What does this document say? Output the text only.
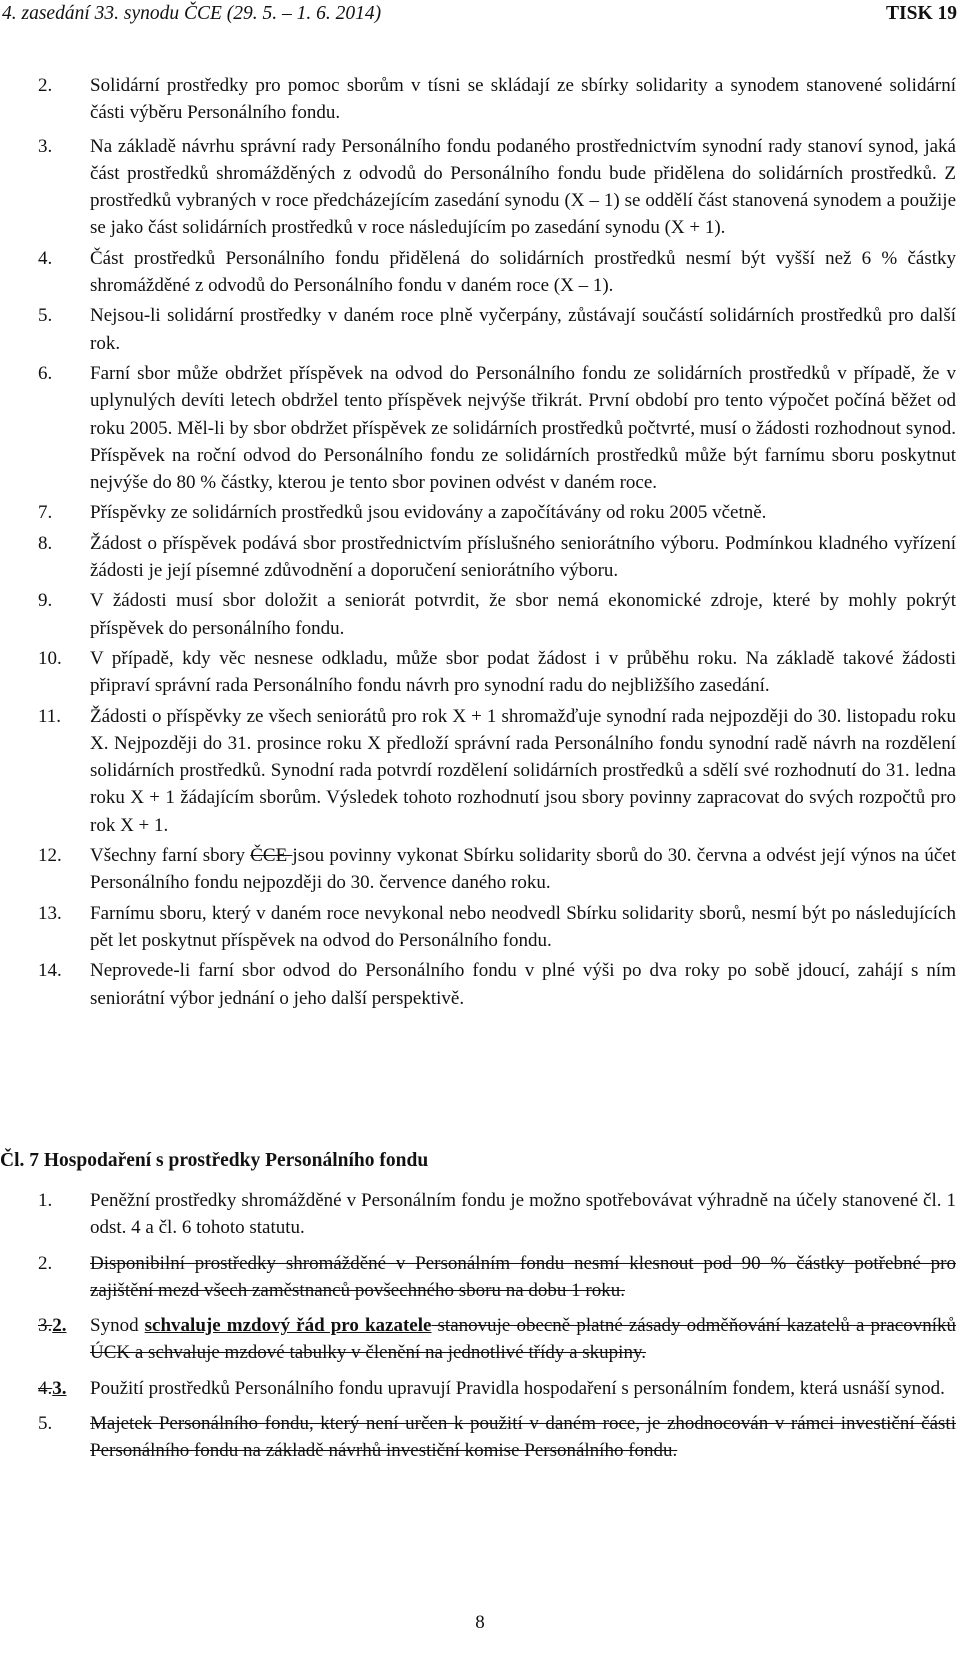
4. zasedání 33. synodu ČCE (29. 5. – 1. 6. 2014)	TISK 19
2. Solidární prostředky pro pomoc sborům v tísni se skládají ze sbírky solidarity a synodem stanovené solidární části výběru Personálního fondu.
3. Na základě návrhu správní rady Personálního fondu podaného prostřednictvím synodní rady stanoví synod, jaká část prostředků shromážděných z odvodů do Personálního fondu bude přidělena do solidárních prostředků. Z prostředků vybraných v roce předcházejícím zasedání synodu (X – 1) se oddělí část stanovená synodem a použije se jako část solidárních prostředků v roce následujícím po zasedání synodu (X + 1).
4. Část prostředků Personálního fondu přidělená do solidárních prostředků nesmí být vyšší než 6 % částky shromážděné z odvodů do Personálního fondu v daném roce (X – 1).
5. Nejsou-li solidární prostředky v daném roce plně vyčerpány, zůstávají součástí solidárních prostředků pro další rok.
6. Farní sbor může obdržet příspěvek na odvod do Personálního fondu ze solidárních prostředků v případě, že v uplynulých devíti letech obdržel tento příspěvek nejvýše třikrát. První období pro tento výpočet počíná běžet od roku 2005. Měl-li by sbor obdržet příspěvek ze solidárních prostředků počtvrté, musí o žádosti rozhodnout synod. Příspěvek na roční odvod do Personálního fondu ze solidárních prostředků může být farnímu sboru poskytnut nejvýše do 80 % částky, kterou je tento sbor povinen odvést v daném roce.
7. Příspěvky ze solidárních prostředků jsou evidovány a započítávány od roku 2005 včetně.
8. Žádost o příspěvek podává sbor prostřednictvím příslušného seniorátního výboru. Podmínkou kladného vyřízení žádosti je její písemné zdůvodnění a doporučení seniorátního výboru.
9. V žádosti musí sbor doložit a seniorát potvrdit, že sbor nemá ekonomické zdroje, které by mohly pokrýt příspěvek do personálního fondu.
10. V případě, kdy věc nesnese odkladu, může sbor podat žádost i v průběhu roku. Na základě takové žádosti připraví správní rada Personálního fondu návrh pro synodní radu do nejbližšího zasedání.
11. Žádosti o příspěvky ze všech seniorátů pro rok X + 1 shromažďuje synodní rada nejpozději do 30. listopadu roku X. Nejpozději do 31. prosince roku X předloží správní rada Personálního fondu synodní radě návrh na rozdělení solidárních prostředků. Synodní rada potvrdí rozdělení solidárních prostředků a sdělí své rozhodnutí do 31. ledna roku X + 1 žádajícím sborům. Výsledek tohoto rozhodnutí jsou sbory povinny zapracovat do svých rozpočtů pro rok X + 1.
12. Všechny farní sbory ČCE jsou povinny vykonat Sbírku solidarity sborů do 30. června a odvést její výnos na účet Personálního fondu nejpozději do 30. července daného roku.
13. Farnímu sboru, který v daném roce nevykonal nebo neodvedl Sbírku solidarity sborů, nesmí být po následujících pět let poskytnut příspěvek na odvod do Personálního fondu.
14. Neprovede-li farní sbor odvod do Personálního fondu v plné výši po dva roky po sobě jdoucí, zahájí s ním seniorátní výbor jednání o jeho další perspektivě.
Čl. 7 Hospodaření s prostředky Personálního fondu
1. Peněžní prostředky shromážděné v Personálním fondu je možno spotřebovávat výhradně na účely stanovené čl. 1 odst. 4 a čl. 6 tohoto statutu.
2. Disponibilní prostředky shromážděné v Personálním fondu nesmí klesnout pod 90 % částky potřebné pro zajištění mezd všech zaměstnanců povšechného sboru na dobu 1 roku.
3.2. Synod schvaluje mzdový řád pro kazatele stanovuje obecně platné zásady odměňování kazatelů a pracovníků ÚCK a schvaluje mzdové tabulky v členění na jednotlivé třídy a skupiny.
4.3. Použití prostředků Personálního fondu upravují Pravidla hospodaření s personálním fondem, která usnáší synod.
5. Majetek Personálního fondu, který není určen k použití v daném roce, je zhodnocován v rámci investiční části Personálního fondu na základě návrhů investiční komise Personálního fondu.
8
